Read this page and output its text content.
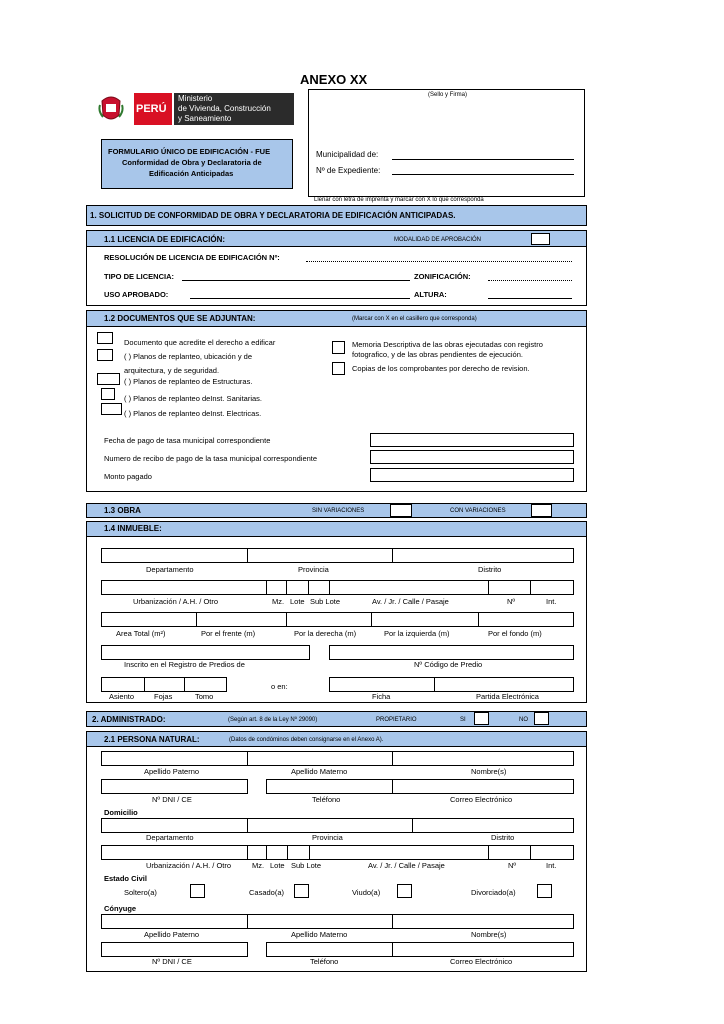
ANEXO XX
PERÚ
Ministerio
de Vivienda, Construcción
y Saneamiento
(Sello y Firma)
FORMULARIO ÚNICO DE EDIFICACIÓN - FUE
Conformidad de Obra y Declaratoria de
Edificación Anticipadas
Municipalidad de:
Nº de Expediente:
Llenar con letra de imprenta y marcar con X lo que corresponda
1. SOLICITUD DE CONFORMIDAD DE OBRA Y DECLARATORIA DE EDIFICACIÓN ANTICIPADAS.
1.1 LICENCIA DE EDIFICACIÓN:	MODALIDAD DE APROBACIÓN
RESOLUCIÓN DE LICENCIA DE EDIFICACIÓN Nº:
TIPO DE LICENCIA:	ZONIFICACIÓN:
USO APROBADO:	ALTURA:
1.2 DOCUMENTOS QUE SE ADJUNTAN:	(Marcar con X en el casillero que corresponda)
Documento que acredite el derecho a edificar
( ) Planos de replanteo, ubicación y de
arquitectura, y de seguridad.
( ) Planos de replanteo de Estructuras.
( ) Planos de replanteo deInst. Sanitarias.
( ) Planos de replanteo deInst. Electricas.
Memoria Descriptiva de las obras ejecutadas con registro
fotografico, y de las obras pendientes de ejecución.
Copias de los comprobantes por derecho de revision.
Fecha de pago de tasa municipal correspondiente
Numero de recibo de pago de la tasa municipal correspondiente
Monto pagado
1.3 OBRA	SIN VARIACIONES	CON VARIACIONES
1.4 INMUEBLE:
Departamento	Provincia	Distrito
Urbanización / A.H. / Otro	Mz. Lote Sub Lote	Av. / Jr. / Calle / Pasaje	Nº	Int.
Area Total (m²)	Por el frente (m)	Por la derecha (m)	Por la izquierda (m)	Por el fondo (m)
Inscrito en el Registro de Predios de	Nº Código de Predio
o en:
Asiento	Fojas	Tomo	Ficha	Partida Electrónica
2. ADMINISTRADO:	(Según art. 8 de la Ley Nº 29090)	PROPIETARIO	SI	NO
2.1 PERSONA NATURAL:	(Datos de condóminos deben consignarse en el Anexo A).
Apellido Paterno	Apellido Materno	Nombre(s)
Nº DNI / CE	Teléfono	Correo Electrónico
Domicilio
Departamento	Provincia	Distrito
Urbanización / A.H. / Otro	Mz. Lote Sub Lote	Av. / Jr. / Calle / Pasaje	Nº	Int.
Estado Civil
Soltero(a)	Casado(a)	Viudo(a)	Divorciado(a)
Cónyuge
Apellido Paterno	Apellido Materno	Nombre(s)
Nº DNI / CE	Teléfono	Correo Electrónico
